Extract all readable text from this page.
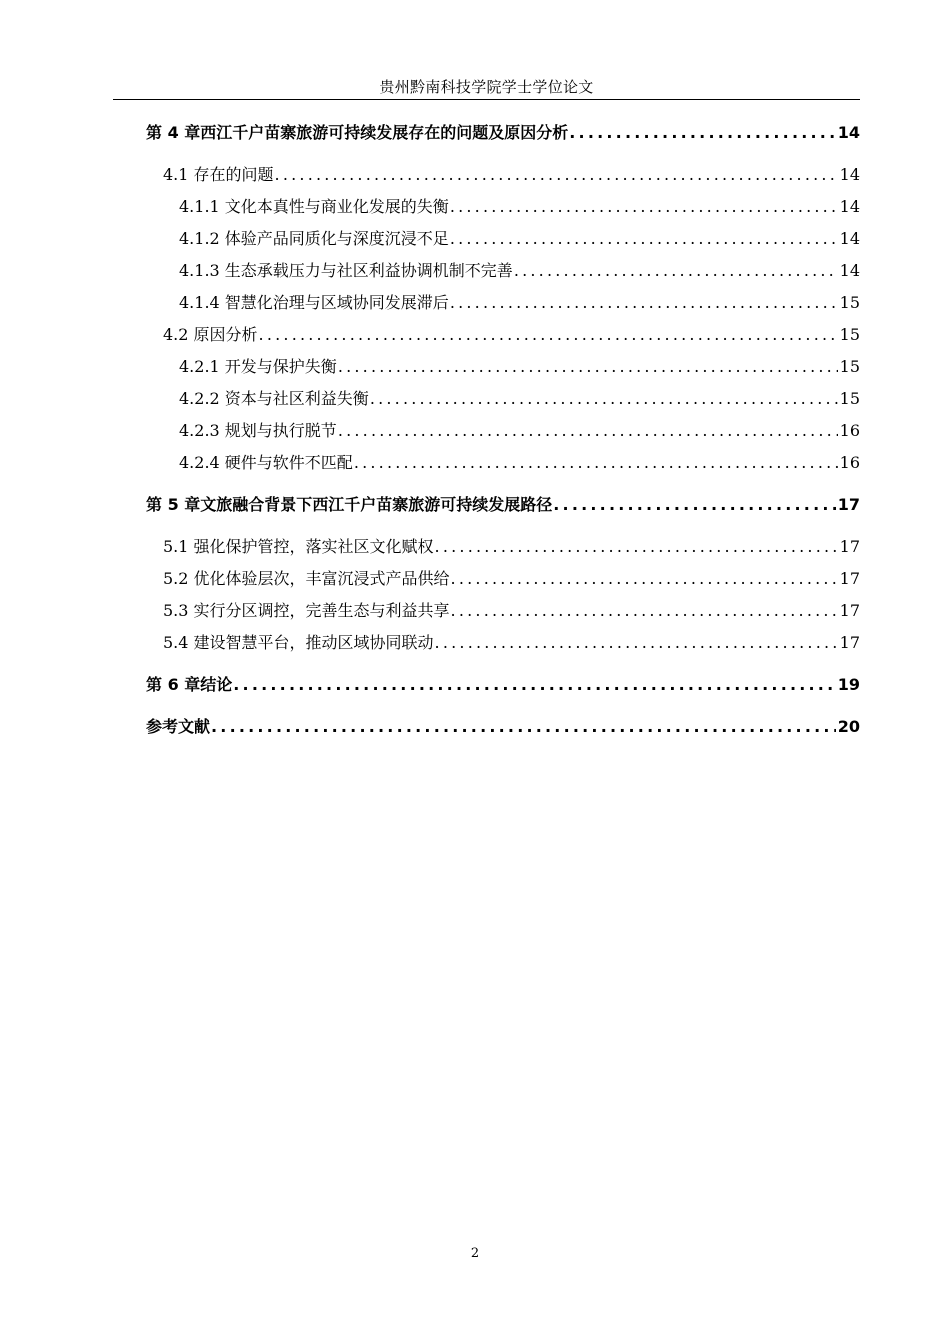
贵州黔南科技学院学士学位论文
第 4 章西江千户苗寨旅游可持续发展存在的问题及原因分析 .....	14
4.1 存在的问题 .....	14
4.1.1 文化本真性与商业化发展的失衡 .....	14
4.1.2 体验产品同质化与深度沉浸不足 .....	14
4.1.3 生态承载压力与社区利益协调机制不完善 .....	14
4.1.4 智慧化治理与区域协同发展滞后 .....	15
4.2 原因分析 .....	15
4.2.1 开发与保护失衡 .....	15
4.2.2 资本与社区利益失衡 .....	15
4.2.3 规划与执行脱节 .....	16
4.2.4 硬件与软件不匹配 .....	16
第 5 章文旅融合背景下西江千户苗寨旅游可持续发展路径 .....	17
5.1 强化保护管控，落实社区文化赋权 .....	17
5.2 优化体验层次，丰富沉浸式产品供给 .....	17
5.3 实行分区调控，完善生态与利益共享 .....	17
5.4 建设智慧平台，推动区域协同联动 .....	17
第 6 章结论 .....	19
参考文献 .....	20
2
